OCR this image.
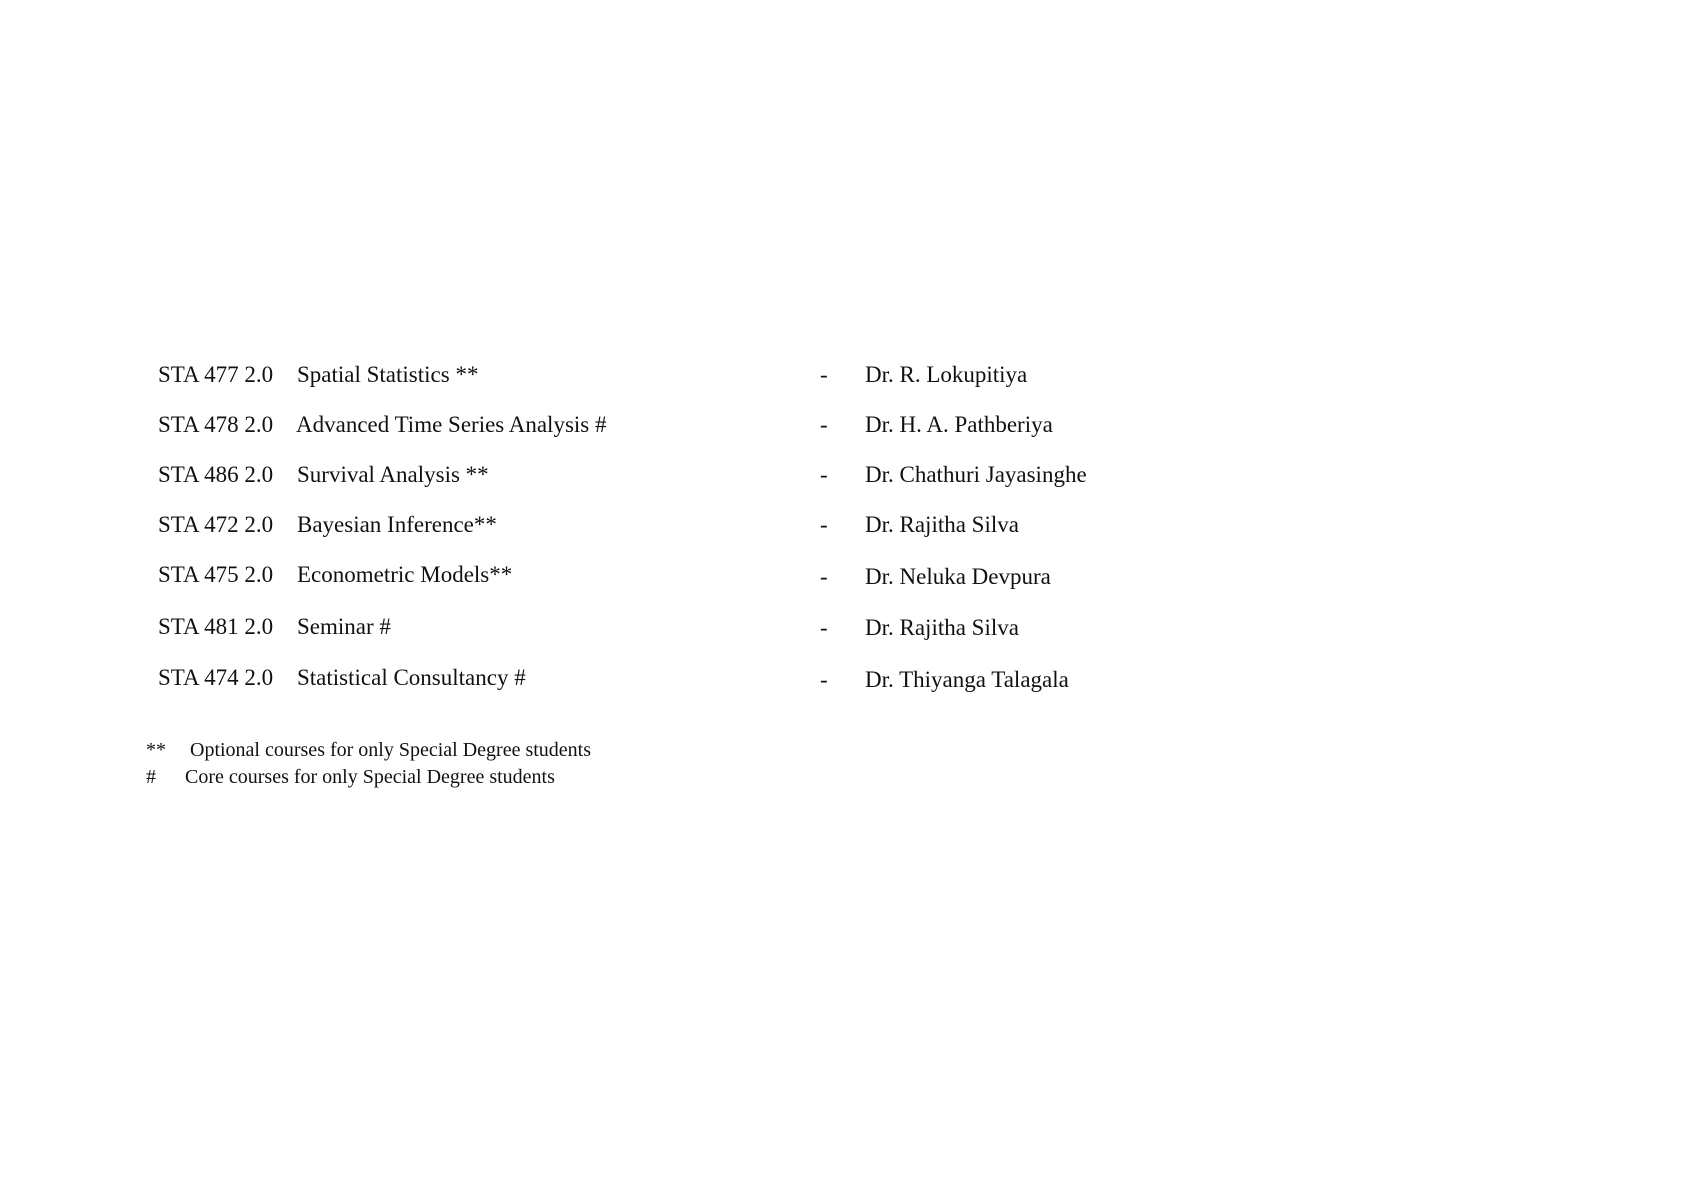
STA 477 2.0 Spatial Statistics **	- Dr. R. Lokupitiya
STA 478 2.0 Advanced Time Series Analysis #	- Dr. H. A. Pathberiya
STA 486 2.0 Survival Analysis **	- Dr. Chathuri Jayasinghe
STA 472 2.0 Bayesian Inference**	- Dr. Rajitha Silva
STA 475 2.0 Econometric Models**	- Dr. Neluka Devpura
STA 481 2.0 Seminar #	- Dr. Rajitha Silva
STA 474 2.0 Statistical Consultancy #	- Dr. Thiyanga Talagala
** Optional courses for only Special Degree students
# Core courses for only Special Degree students
